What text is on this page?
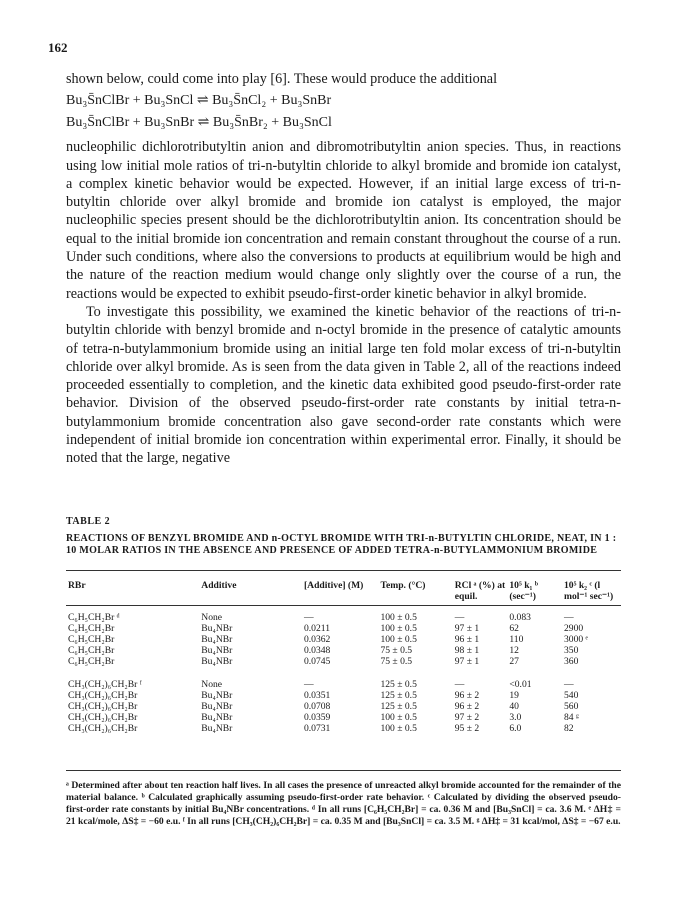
162

shown below, could come into play [6]. These would produce the additional

Bu₃S̄nClBr + Bu₃SnCl ⇌ Bu₃S̄nCl₂ + Bu₃SnBr

Bu₃S̄nClBr + Bu₃SnBr ⇌ Bu₃S̄nBr₂ + Bu₃SnCl

nucleophilic dichlorotributyltin anion and dibromotributyltin anion species. Thus, in reactions using low initial mole ratios of tri-n-butyltin chloride to alkyl bromide and bromide ion catalyst, a complex kinetic behavior would be expected. However, if an initial large excess of tri-n-butyltin chloride over alkyl bromide and bromide ion catalyst is employed, the major nucleophilic species present should be the dichlorotributyltin anion. Its concentration should be equal to the initial bromide ion concentration and remain constant throughout the course of a run. Under such conditions, where also the conversions to products at equilibrium would be high and the nature of the reaction medium would change only slightly over the course of a run, the reactions would be expected to exhibit pseudo-first-order kinetic behavior in alkyl bromide.

To investigate this possibility, we examined the kinetic behavior of the reactions of tri-n-butyltin chloride with benzyl bromide and n-octyl bromide in the presence of catalytic amounts of tetra-n-butylammonium bromide using an initial large ten fold molar excess of tri-n-butyltin chloride over alkyl bromide. As is seen from the data given in Table 2, all of the reactions indeed proceeded essentially to completion, and the kinetic data exhibited good pseudo-first-order rate behavior. Division of the observed pseudo-first-order rate constants by initial tetra-n-butylammonium bromide concentration also gave second-order rate constants which were independent of initial bromide ion concentration within experimental error. Finally, it should be noted that the large, negative

TABLE 2
REACTIONS OF BENZYL BROMIDE AND n-OCTYL BROMIDE WITH TRI-n-BUTYLTIN CHLORIDE, NEAT, IN 1 : 10 MOLAR RATIOS IN THE ABSENCE AND PRESENCE OF ADDED TETRA-n-BUTYLAMMONIUM BROMIDE
RBr	Additive	[Additive] (M)	Temp. (°C)	RCl ᵃ (%) at equil.	10⁵ k₁ ᵇ (sec⁻¹)	10⁵ k₂ ᶜ (l mol⁻¹ sec⁻¹)

C₆H₅CH₂Br ᵈ	None	—	100 ± 0.5	—	0.083	—
C₆H₅CH₂Br	Bu₄NBr	0.0211	100 ± 0.5	97 ± 1	62	2900
C₆H₅CH₂Br	Bu₄NBr	0.0362	100 ± 0.5	96 ± 1	110	3000 ᵉ
C₆H₅CH₂Br	Bu₄NBr	0.0348	75 ± 0.5	98 ± 1	12	350
C₆H₅CH₂Br	Bu₄NBr	0.0745	75 ± 0.5	97 ± 1	27	360
CH₃(CH₂)₆CH₂Br ᶠ	None	—	125 ± 0.5	—	<0.01	—
CH₃(CH₂)₆CH₂Br	Bu₄NBr	0.0351	125 ± 0.5	96 ± 2	19	540
CH₃(CH₂)₆CH₂Br	Bu₄NBr	0.0708	125 ± 0.5	96 ± 2	40	560
CH₃(CH₂)₆CH₂Br	Bu₄NBr	0.0359	100 ± 0.5	97 ± 2	3.0	84 ᵍ
CH₃(CH₂)₆CH₂Br	Bu₄NBr	0.0731	100 ± 0.5	95 ± 2	6.0	82
ᵃ Determined after about ten reaction half lives. In all cases the presence of unreacted alkyl bromide accounted for the remainder of the material balance. ᵇ Calculated graphically assuming pseudo-first-order rate behavior. ᶜ Calculated by dividing the observed pseudo-first-order rate constants by initial Bu₄NBr concentrations. ᵈ In all runs [C₆H₅CH₂Br] = ca. 0.36 M and [Bu₃SnCl] = ca. 3.6 M. ᵉ ΔH‡ = 21 kcal/mole, ΔS‡ = −60 e.u. ᶠ In all runs [CH₃(CH₂)₆CH₂Br] = ca. 0.35 M and [Bu₃SnCl] = ca. 3.5 M. ᵍ ΔH‡ = 31 kcal/mol, ΔS‡ = −67 e.u.
